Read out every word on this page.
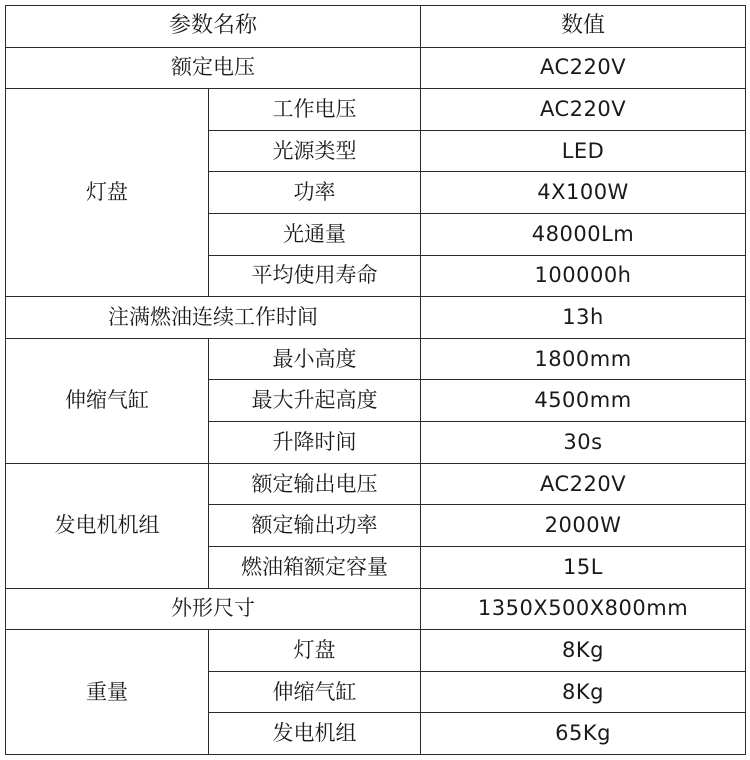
参数名称		数值
额定电压		AC220V
灯盘	工作电压	AC220V
	光源类型	LED
	功率	4X100W
	光通量	48000Lm
	平均使用寿命	100000h
注满燃油连续工作时间		13h
伸缩气缸	最小高度	1800mm
	最大升起高度	4500mm
	升降时间	30s
发电机机组	额定输出电压	AC220V
	额定输出功率	2000W
	燃油箱额定容量	15L
外形尺寸		1350X500X800mm
重量	灯盘	8Kg
	伸缩气缸	8Kg
	发电机组	65Kg
